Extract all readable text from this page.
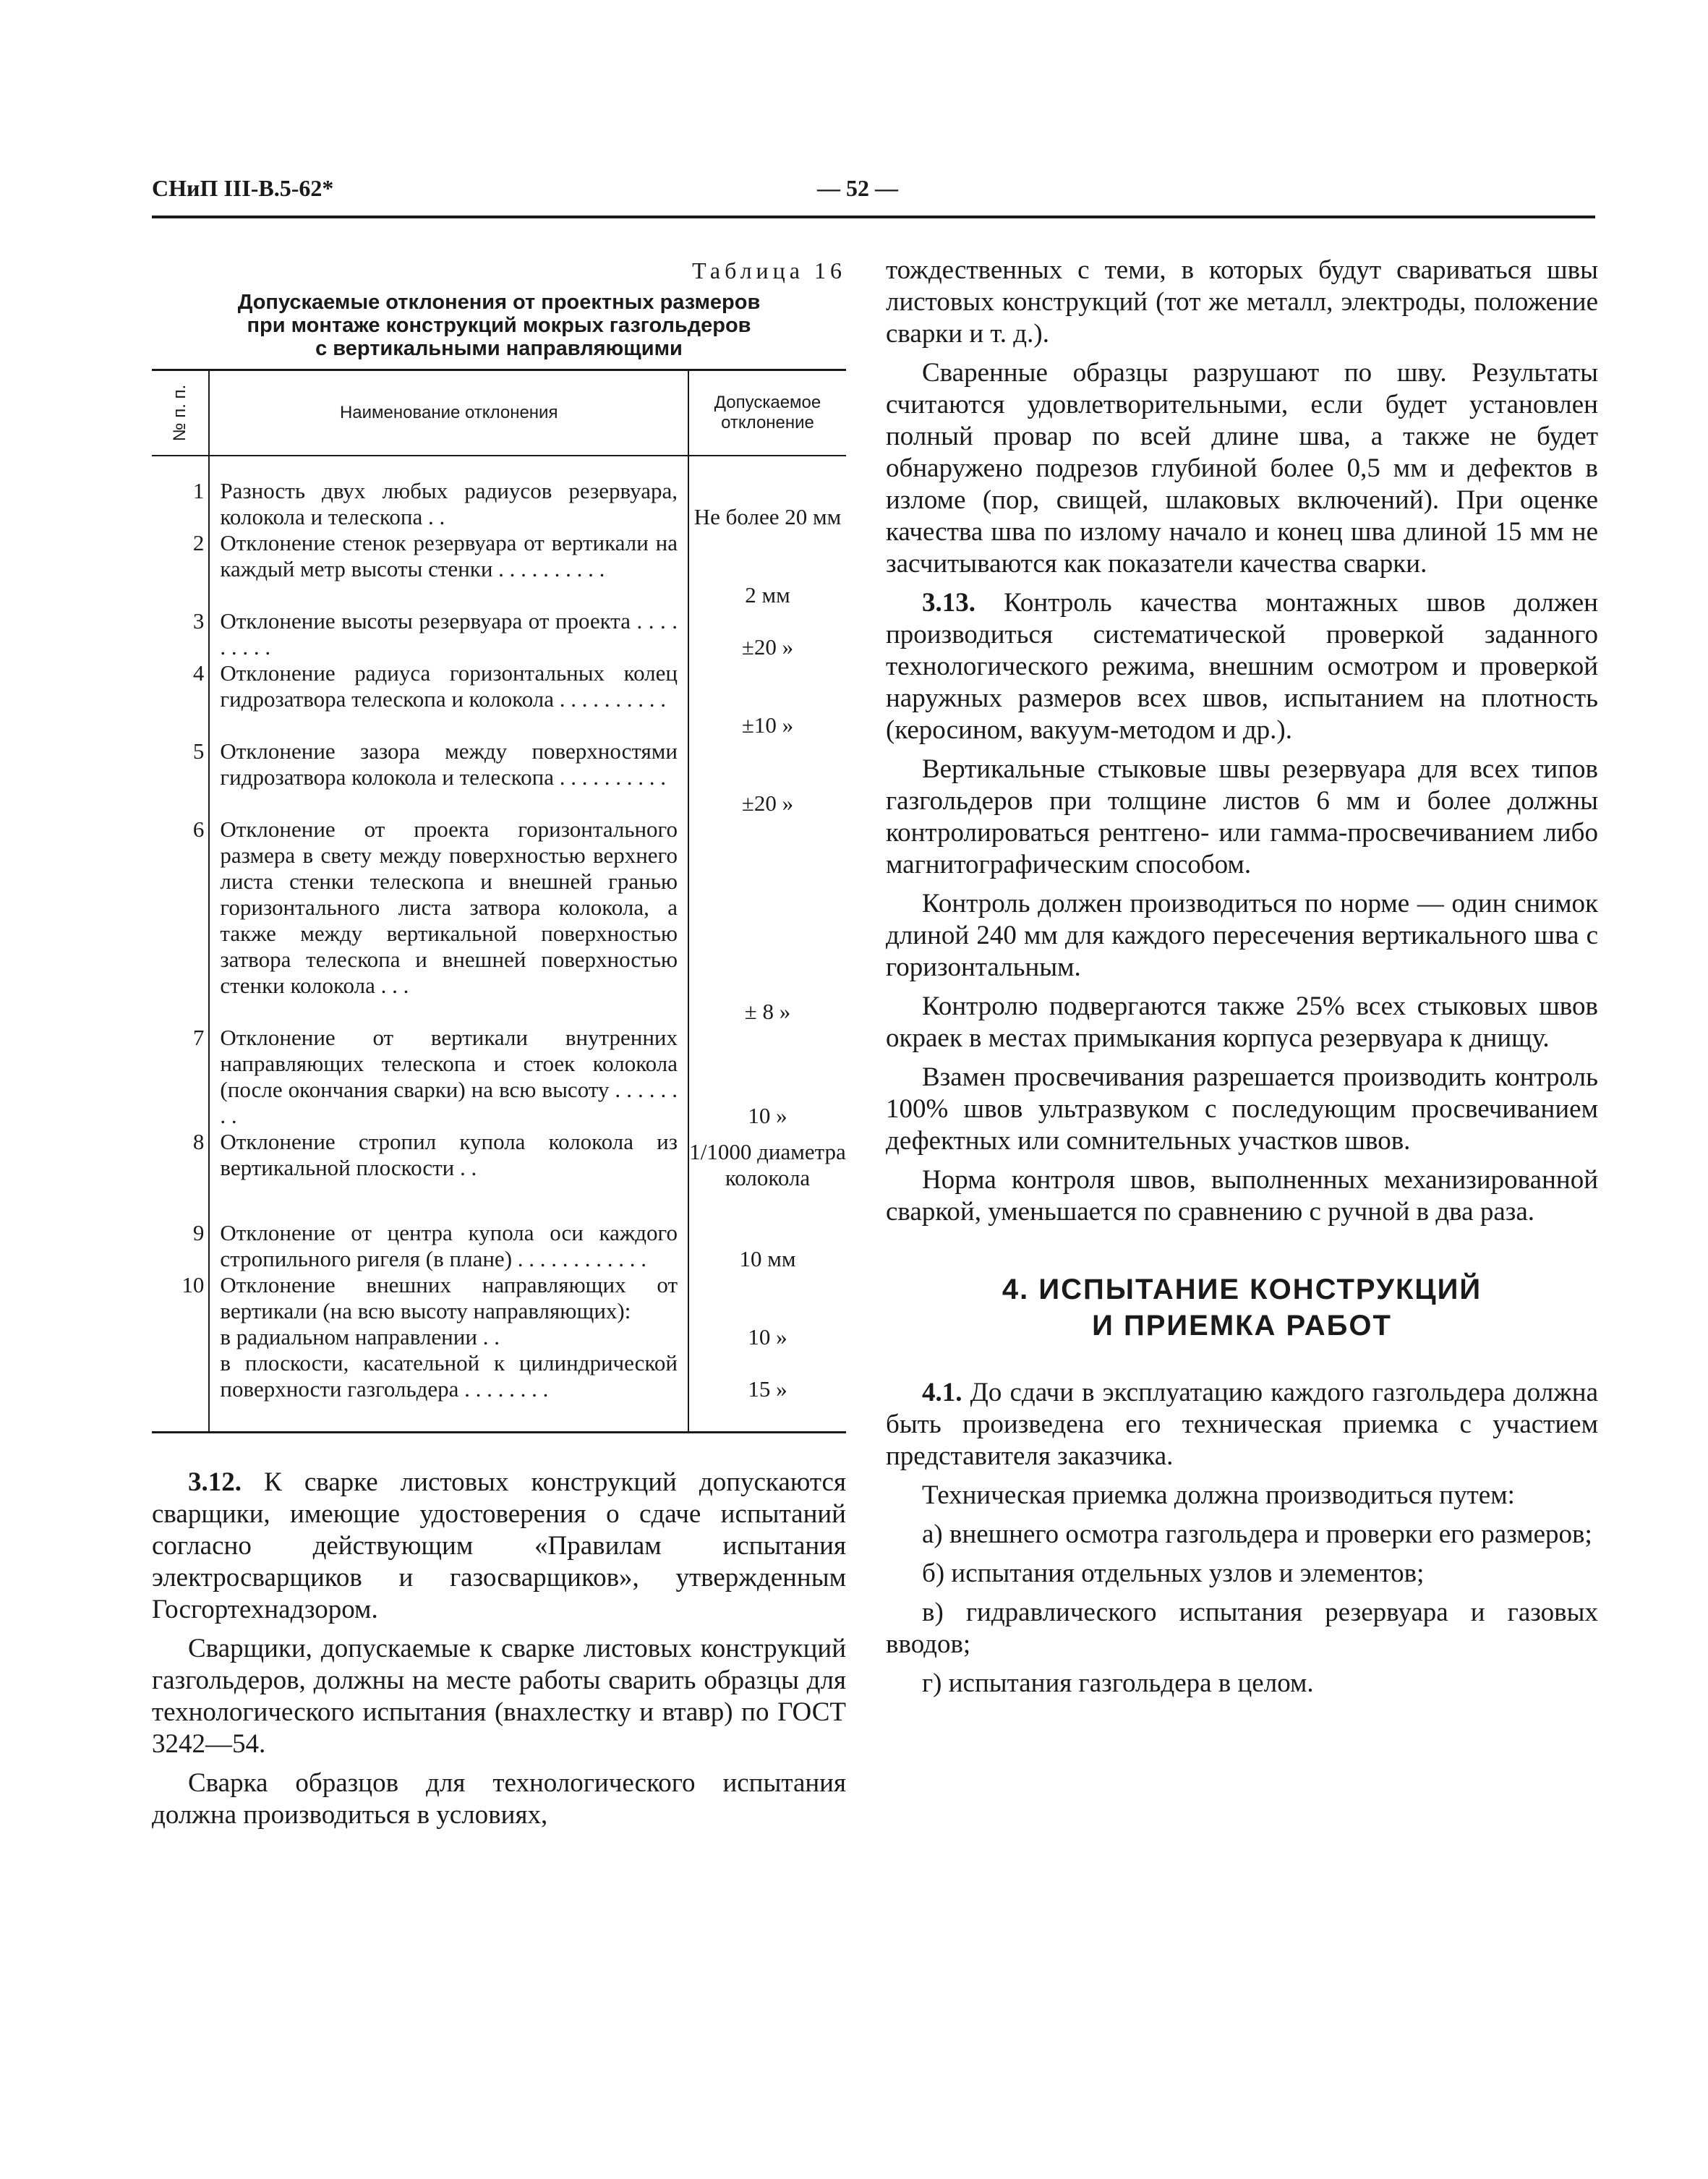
СНиП III-В.5-62*	— 52 —
Таблица 16
Допускаемые отклонения от проектных размеров
при монтаже конструкций мокрых газгольдеров
с вертикальными направляющими
№ п. п.	Наименование отклонения	Допускаемое отклонение
1	Разность двух любых радиусов резервуара, колокола и телескопа . .	Не более 20 мм
2	Отклонение стенок резервуара от вертикали на каждый метр высоты стенки . . . . . . . . . .	2 мм
3	Отклонение высоты резервуара от проекта . . . . . . . . .	±20 »
4	Отклонение радиуса горизонтальных колец гидрозатвора телескопа и колокола . . . . . . . . . .	±10 »
5	Отклонение зазора между поверхностями гидрозатвора колокола и телескопа . . . . . . . . . .	±20 »
6	Отклонение от проекта горизонтального размера в свету между поверхностью верхнего листа стенки телескопа и внешней гранью горизонтального листа затвора колокола, а также между вертикальной поверхностью затвора телескопа и внешней поверхностью стенки колокола . . .	± 8 »
7	Отклонение от вертикали внутренних направляющих телескопа и стоек колокола (после окончания сварки) на всю высоту . . . . . . . .	10 »
8	Отклонение стропил купола колокола из вертикальной плоскости . .	1/1000 диаметра колокола

9	Отклонение от центра купола оси каждого стропильного ригеля (в плане) . . . . . . . . . . . .	10 мм
10	Отклонение внешних направляющих от вертикали (на всю высоту направляющих):	
	в радиальном направлении . .	10 »
	в плоскости, касательной к цилиндрической поверхности газгольдера . . . . . . . .	15 »

3.12. К сварке листовых конструкций допускаются сварщики, имеющие удостоверения о сдаче испытаний согласно действующим «Правилам испытания электросварщиков и газосварщиков», утвержденным Госгортехнадзором.

Сварщики, допускаемые к сварке листовых конструкций газгольдеров, должны на месте работы сварить образцы для технологического испытания (внахлестку и втавр) по ГОСТ 3242—54.

Сварка образцов для технологического испытания должна производиться в условиях,

тождественных с теми, в которых будут свариваться швы листовых конструкций (тот же металл, электроды, положение сварки и т. д.).

Сваренные образцы разрушают по шву. Результаты считаются удовлетворительными, если будет установлен полный провар по всей длине шва, а также не будет обнаружено подрезов глубиной более 0,5 мм и дефектов в изломе (пор, свищей, шлаковых включений). При оценке качества шва по излому начало и конец шва длиной 15 мм не засчитываются как показатели качества сварки.

3.13. Контроль качества монтажных швов должен производиться систематической проверкой заданного технологического режима, внешним осмотром и проверкой наружных размеров всех швов, испытанием на плотность (керосином, вакуум-методом и др.).

Вертикальные стыковые швы резервуара для всех типов газгольдеров при толщине листов 6 мм и более должны контролироваться рентгено- или гамма-просвечиванием либо магнитографическим способом.

Контроль должен производиться по норме — один снимок длиной 240 мм для каждого пересечения вертикального шва с горизонтальным.

Контролю подвергаются также 25% всех стыковых швов окраек в местах примыкания корпуса резервуара к днищу.

Взамен просвечивания разрешается производить контроль 100% швов ультразвуком с последующим просвечиванием дефектных или сомнительных участков швов.

Норма контроля швов, выполненных механизированной сваркой, уменьшается по сравнению с ручной в два раза.

4. ИСПЫТАНИЕ КОНСТРУКЦИЙ
И ПРИЕМКА РАБОТ

4.1. До сдачи в эксплуатацию каждого газгольдера должна быть произведена его техническая приемка с участием представителя заказчика.

Техническая приемка должна производиться путем:

а) внешнего осмотра газгольдера и проверки его размеров;

б) испытания отдельных узлов и элементов;

в) гидравлического испытания резервуара и газовых вводов;

г) испытания газгольдера в целом.
